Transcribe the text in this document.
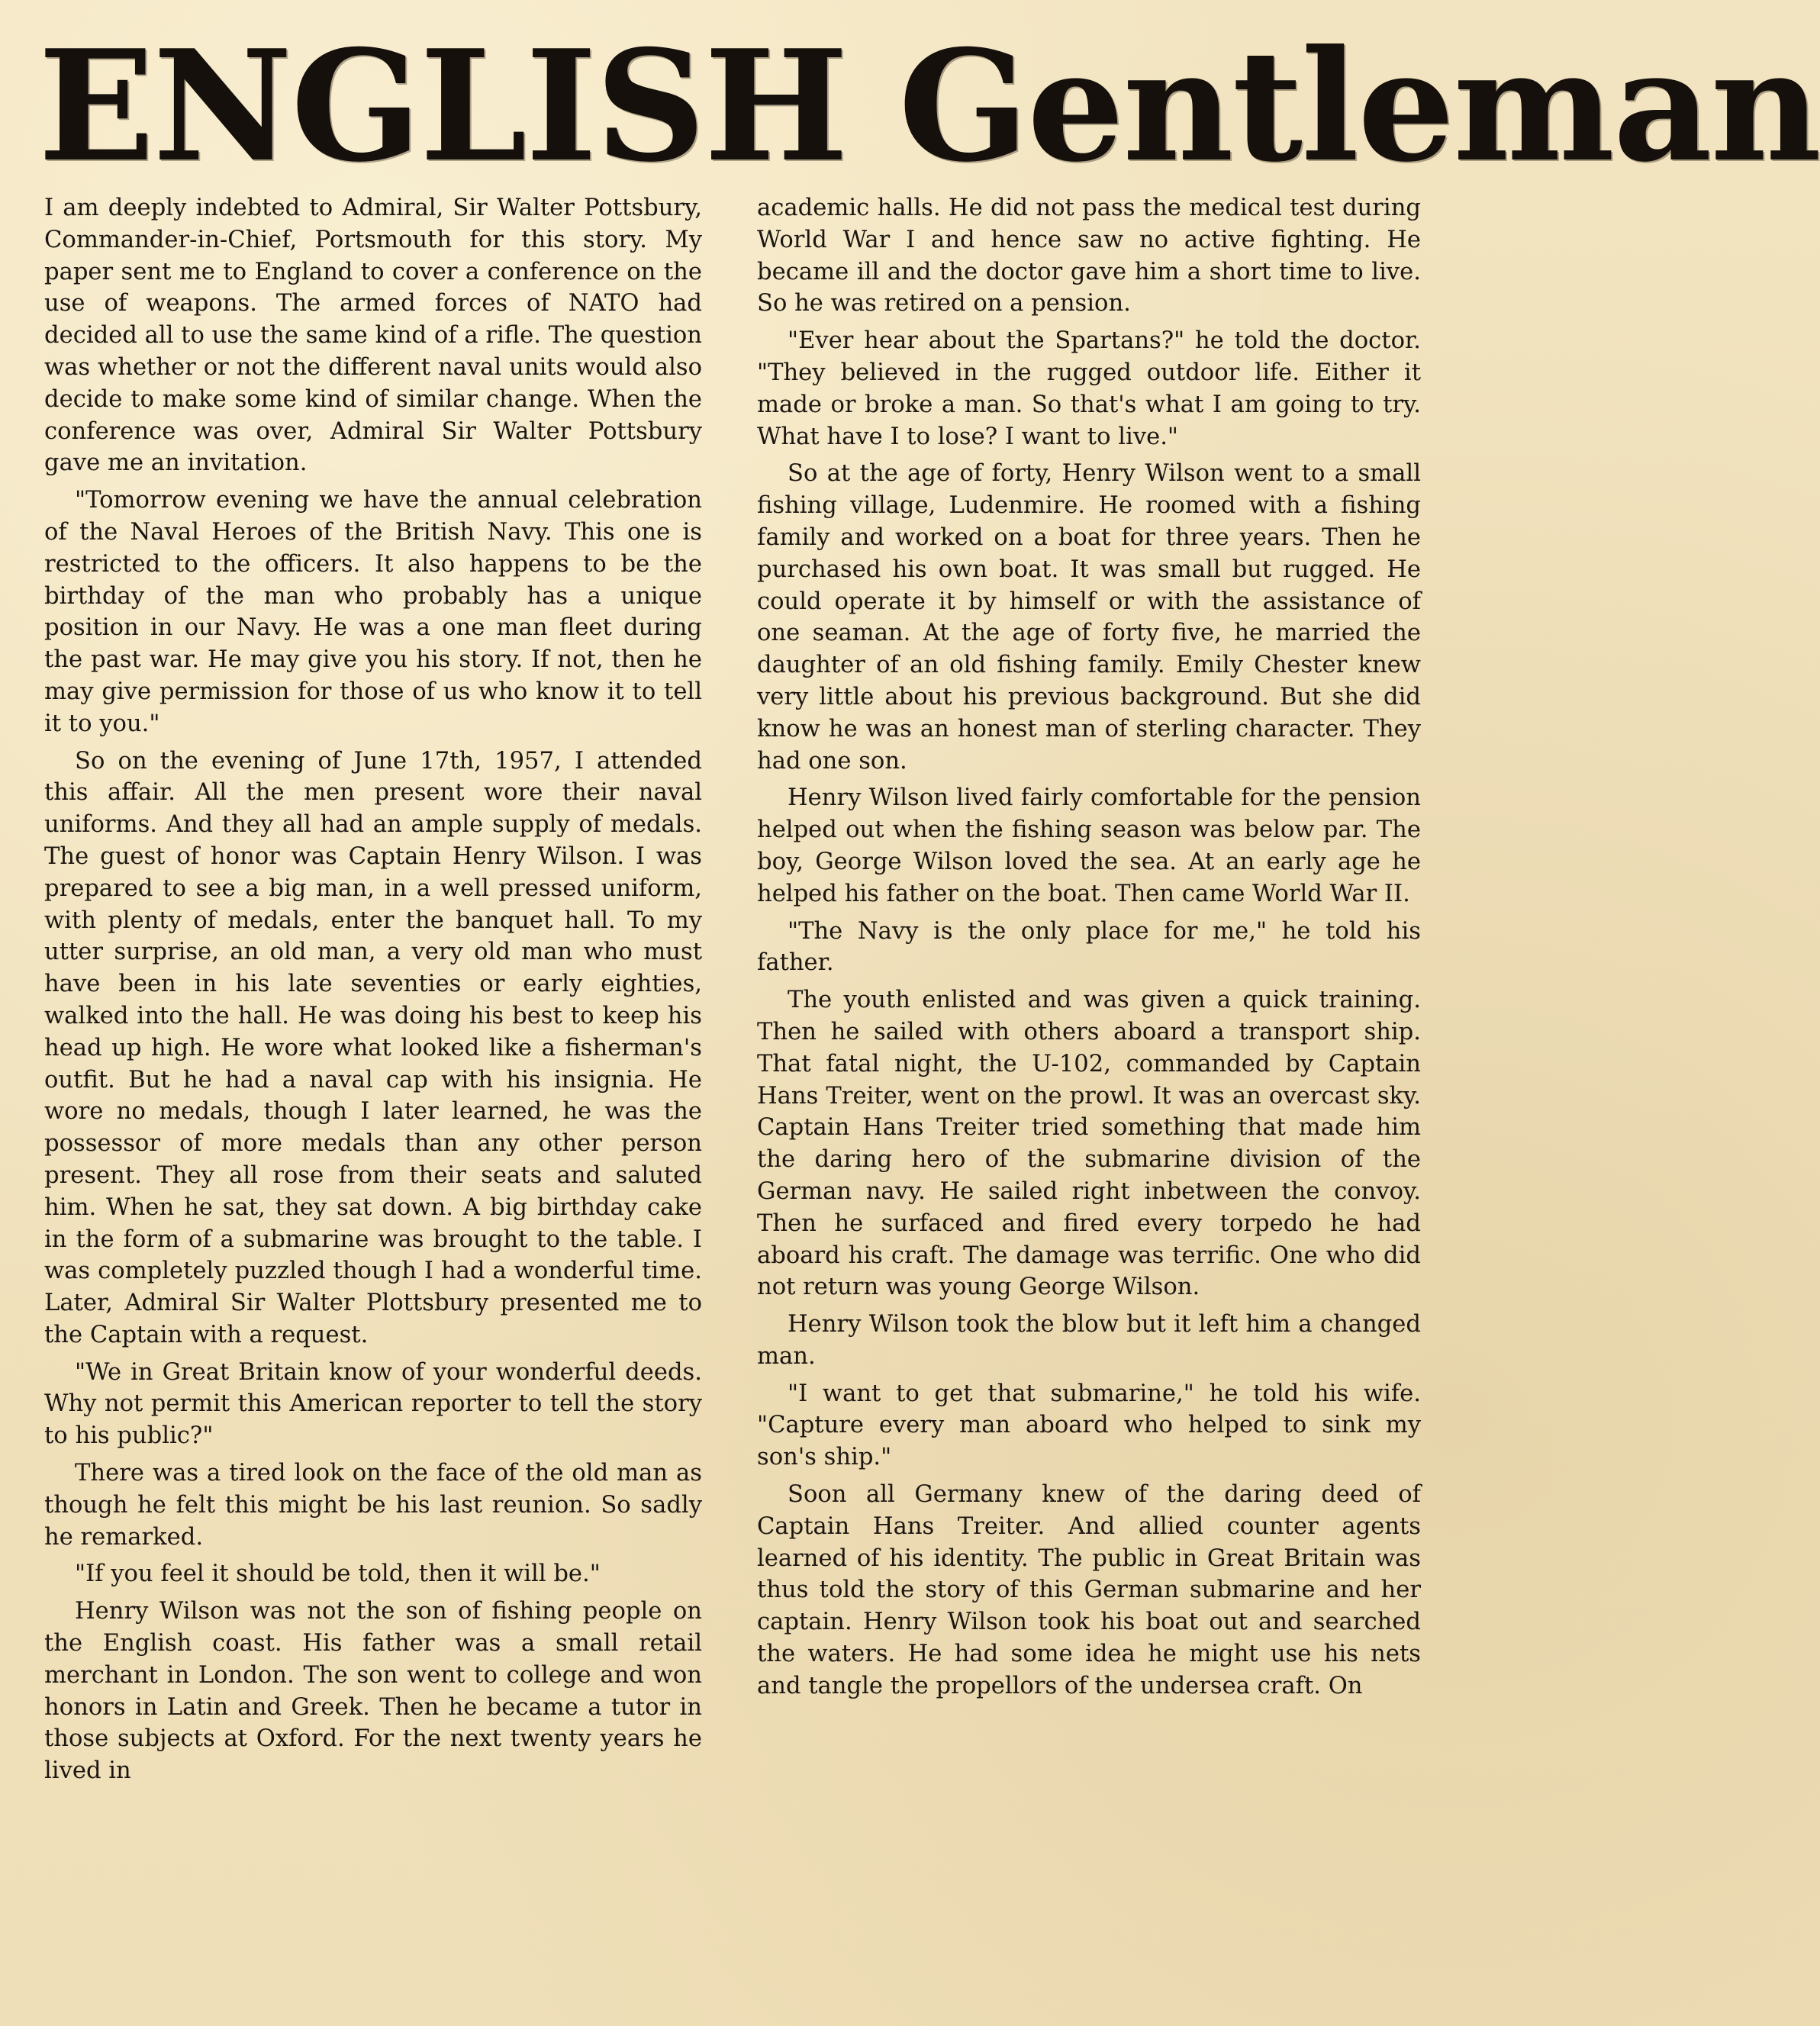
ENGLISH Gentleman

I am deeply indebted to Admiral, Sir Walter Pottsbury, Commander-in-Chief, Portsmouth for this story. My paper sent me to England to cover a conference on the use of weapons. The armed forces of NATO had decided all to use the same kind of a rifle. The question was whether or not the different naval units would also decide to make some kind of similar change. When the conference was over, Admiral Sir Walter Pottsbury gave me an invitation.

"Tomorrow evening we have the annual celebration of the Naval Heroes of the British Navy. This one is restricted to the officers. It also happens to be the birthday of the man who probably has a unique position in our Navy. He was a one man fleet during the past war. He may give you his story. If not, then he may give permission for those of us who know it to tell it to you."

So on the evening of June 17th, 1957, I attended this affair. All the men present wore their naval uniforms. And they all had an ample supply of medals. The guest of honor was Captain Henry Wilson. I was prepared to see a big man, in a well pressed uniform, with plenty of medals, enter the banquet hall. To my utter surprise, an old man, a very old man who must have been in his late seventies or early eighties, walked into the hall. He was doing his best to keep his head up high. He wore what looked like a fisherman's outfit. But he had a naval cap with his insignia. He wore no medals, though I later learned, he was the possessor of more medals than any other person present. They all rose from their seats and saluted him. When he sat, they sat down. A big birthday cake in the form of a submarine was brought to the table. I was completely puzzled though I had a wonderful time. Later, Admiral Sir Walter Plottsbury presented me to the Captain with a request.

"We in Great Britain know of your wonderful deeds. Why not permit this American reporter to tell the story to his public?"

There was a tired look on the face of the old man as though he felt this might be his last reunion. So sadly he remarked.

"If you feel it should be told, then it will be."

Henry Wilson was not the son of fishing people on the English coast. His father was a small retail merchant in London. The son went to college and won honors in Latin and Greek. Then he became a tutor in those subjects at Oxford. For the next twenty years he lived in

academic halls. He did not pass the medical test during World War I and hence saw no active fighting. He became ill and the doctor gave him a short time to live. So he was retired on a pension.

"Ever hear about the Spartans?" he told the doctor. "They believed in the rugged outdoor life. Either it made or broke a man. So that's what I am going to try. What have I to lose? I want to live."

So at the age of forty, Henry Wilson went to a small fishing village, Ludenmire. He roomed with a fishing family and worked on a boat for three years. Then he purchased his own boat. It was small but rugged. He could operate it by himself or with the assistance of one seaman. At the age of forty five, he married the daughter of an old fishing family. Emily Chester knew very little about his previous background. But she did know he was an honest man of sterling character. They had one son.

Henry Wilson lived fairly comfortable for the pension helped out when the fishing season was below par. The boy, George Wilson loved the sea. At an early age he helped his father on the boat. Then came World War II.

"The Navy is the only place for me," he told his father.

The youth enlisted and was given a quick training. Then he sailed with others aboard a transport ship. That fatal night, the U-102, commanded by Captain Hans Treiter, went on the prowl. It was an overcast sky. Captain Hans Treiter tried something that made him the daring hero of the submarine division of the German navy. He sailed right inbetween the convoy. Then he surfaced and fired every torpedo he had aboard his craft. The damage was terrific. One who did not return was young George Wilson.

Henry Wilson took the blow but it left him a changed man.

"I want to get that submarine," he told his wife. "Capture every man aboard who helped to sink my son's ship."

Soon all Germany knew of the daring deed of Captain Hans Treiter. And allied counter agents learned of his identity. The public in Great Britain was thus told the story of this German submarine and her captain. Henry Wilson took his boat out and searched the waters. He had some idea he might use his nets and tangle the propellors of the undersea craft. On
